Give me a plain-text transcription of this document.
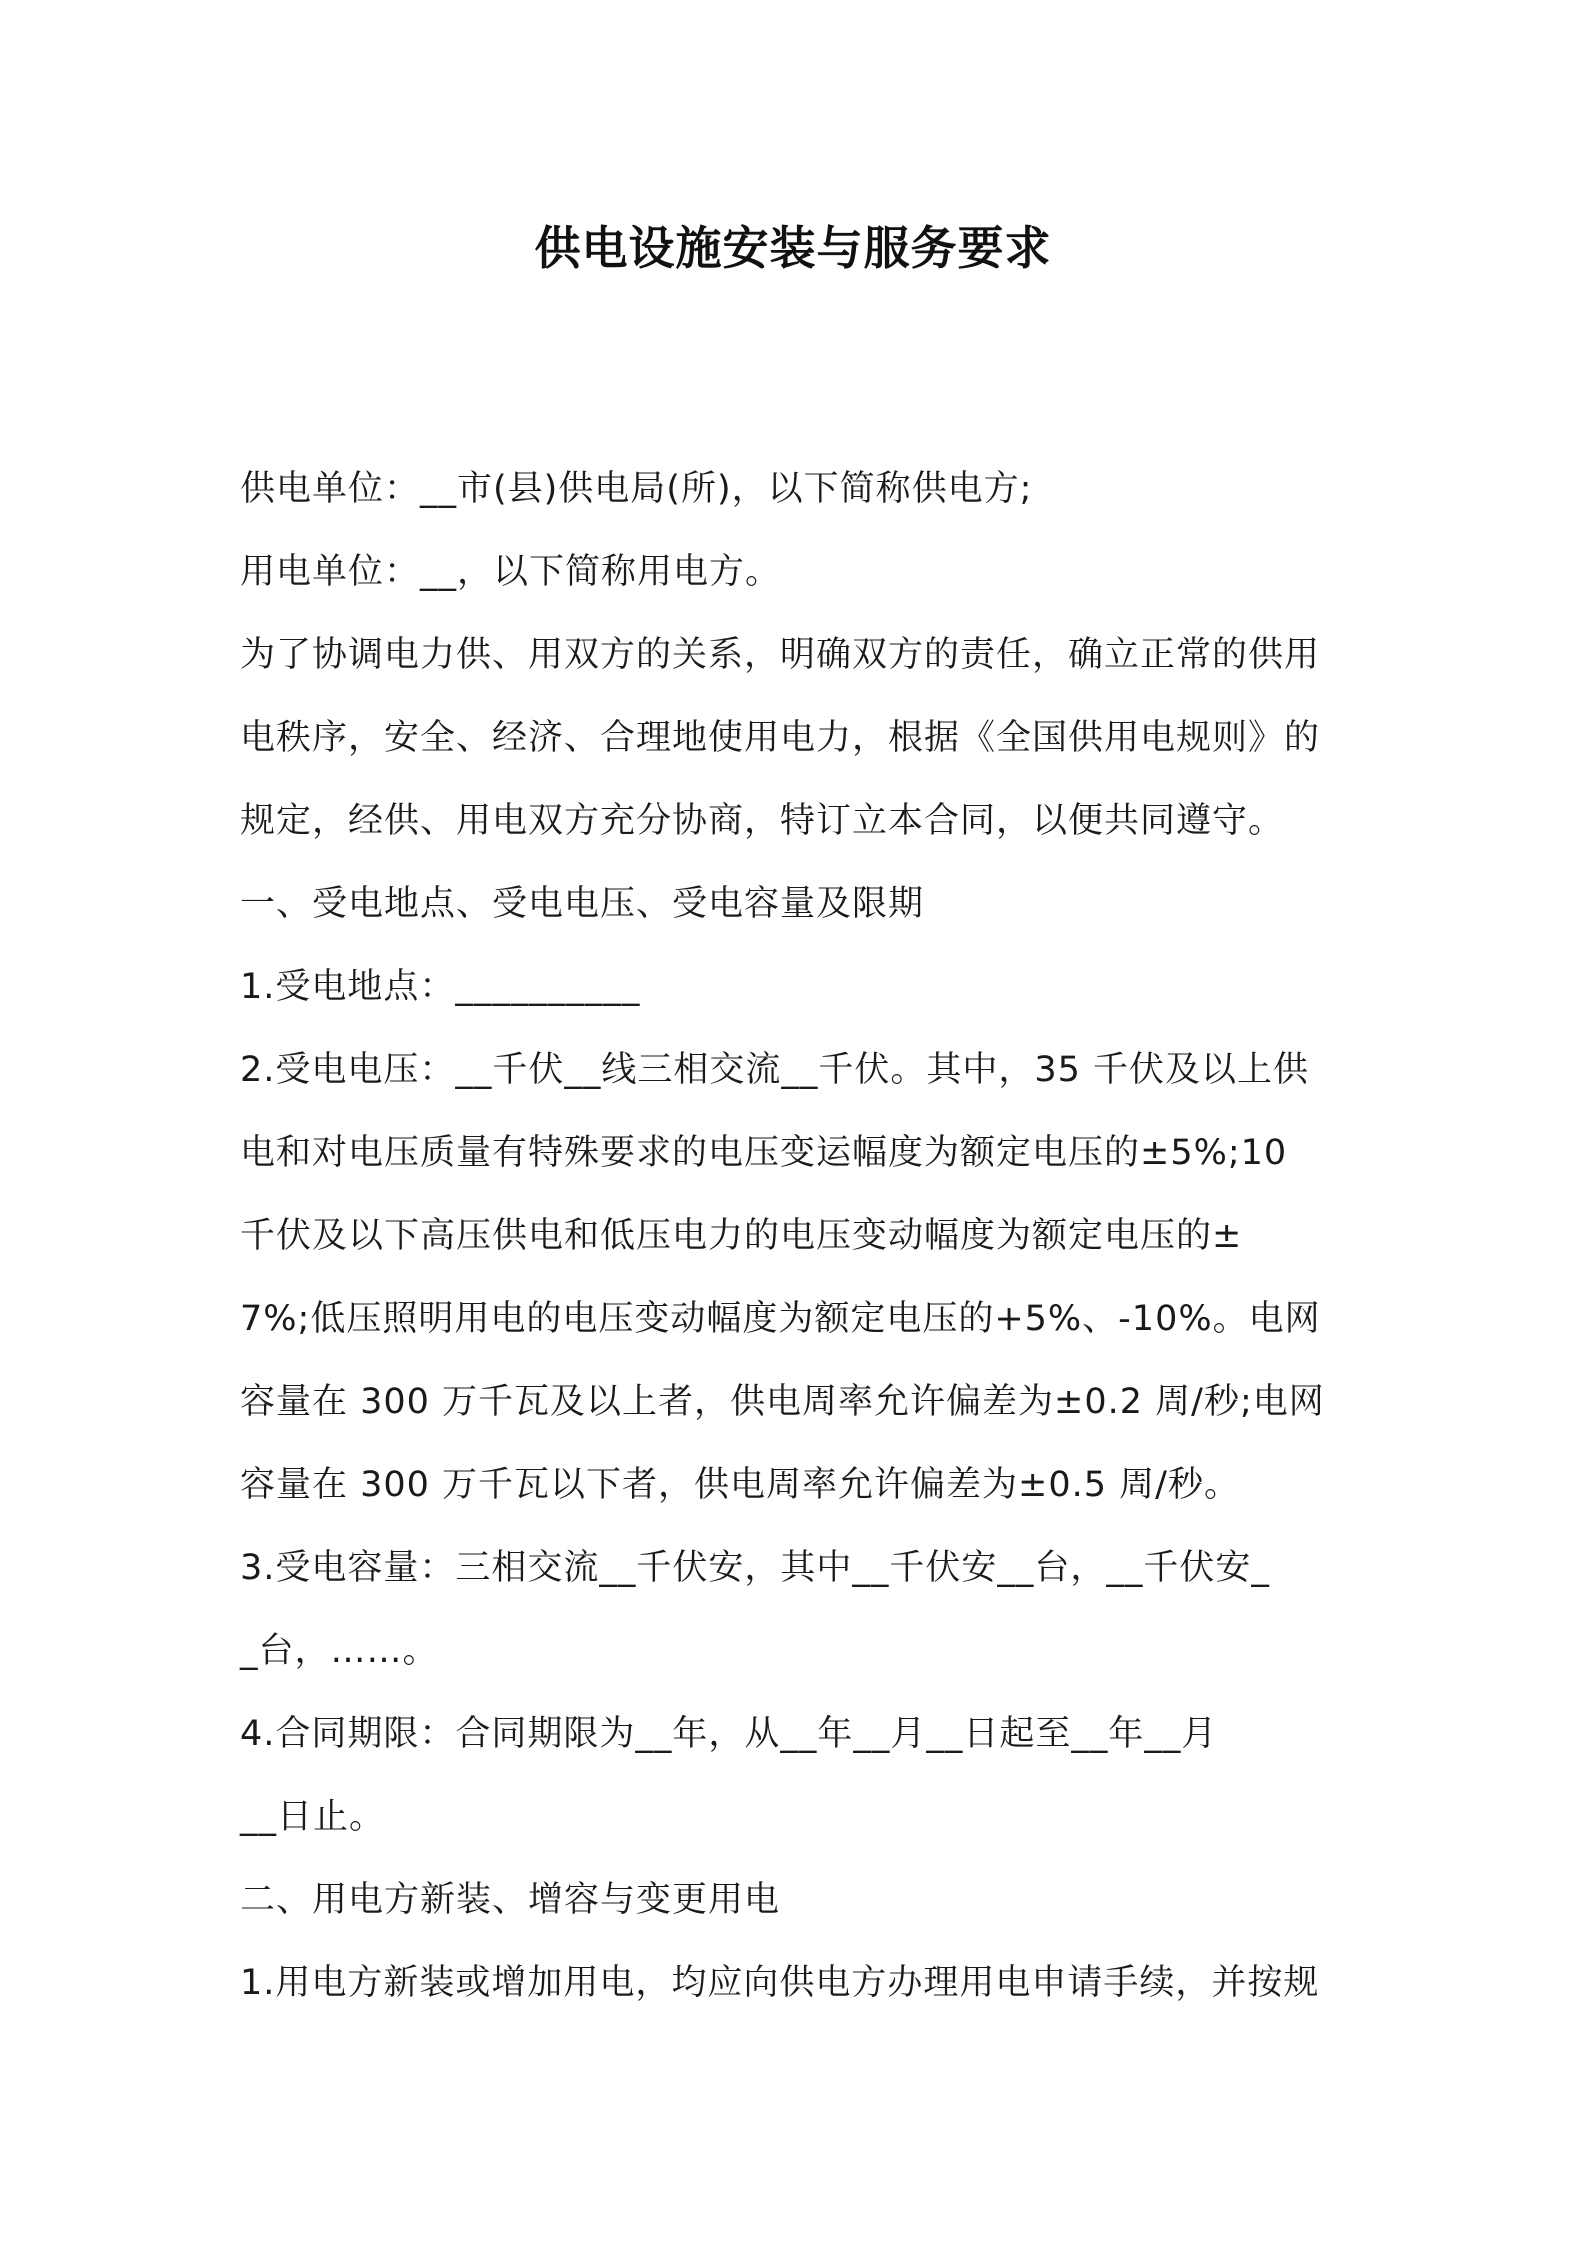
供电设施安装与服务要求
供电单位：__市(县)供电局(所)，以下简称供电方;
用电单位：__，以下简称用电方。
为了协调电力供、用双方的关系，明确双方的责任，确立正常的供用
电秩序，安全、经济、合理地使用电力，根据《全国供用电规则》的
规定，经供、用电双方充分协商，特订立本合同，以便共同遵守。
一、受电地点、受电电压、受电容量及限期
1.受电地点：__________
2.受电电压：__千伏__线三相交流__千伏。其中，35 千伏及以上供
电和对电压质量有特殊要求的电压变运幅度为额定电压的±5%;10
千伏及以下高压供电和低压电力的电压变动幅度为额定电压的±
7%;低压照明用电的电压变动幅度为额定电压的+5%、-10%。电网
容量在 300 万千瓦及以上者，供电周率允许偏差为±0.2 周/秒;电网
容量在 300 万千瓦以下者，供电周率允许偏差为±0.5 周/秒。
3.受电容量：三相交流__千伏安，其中__千伏安__台，__千伏安_
_台，……。
4.合同期限：合同期限为__年，从__年__月__日起至__年__月
__日止。
二、用电方新装、增容与变更用电
1.用电方新装或增加用电，均应向供电方办理用电申请手续，并按规
